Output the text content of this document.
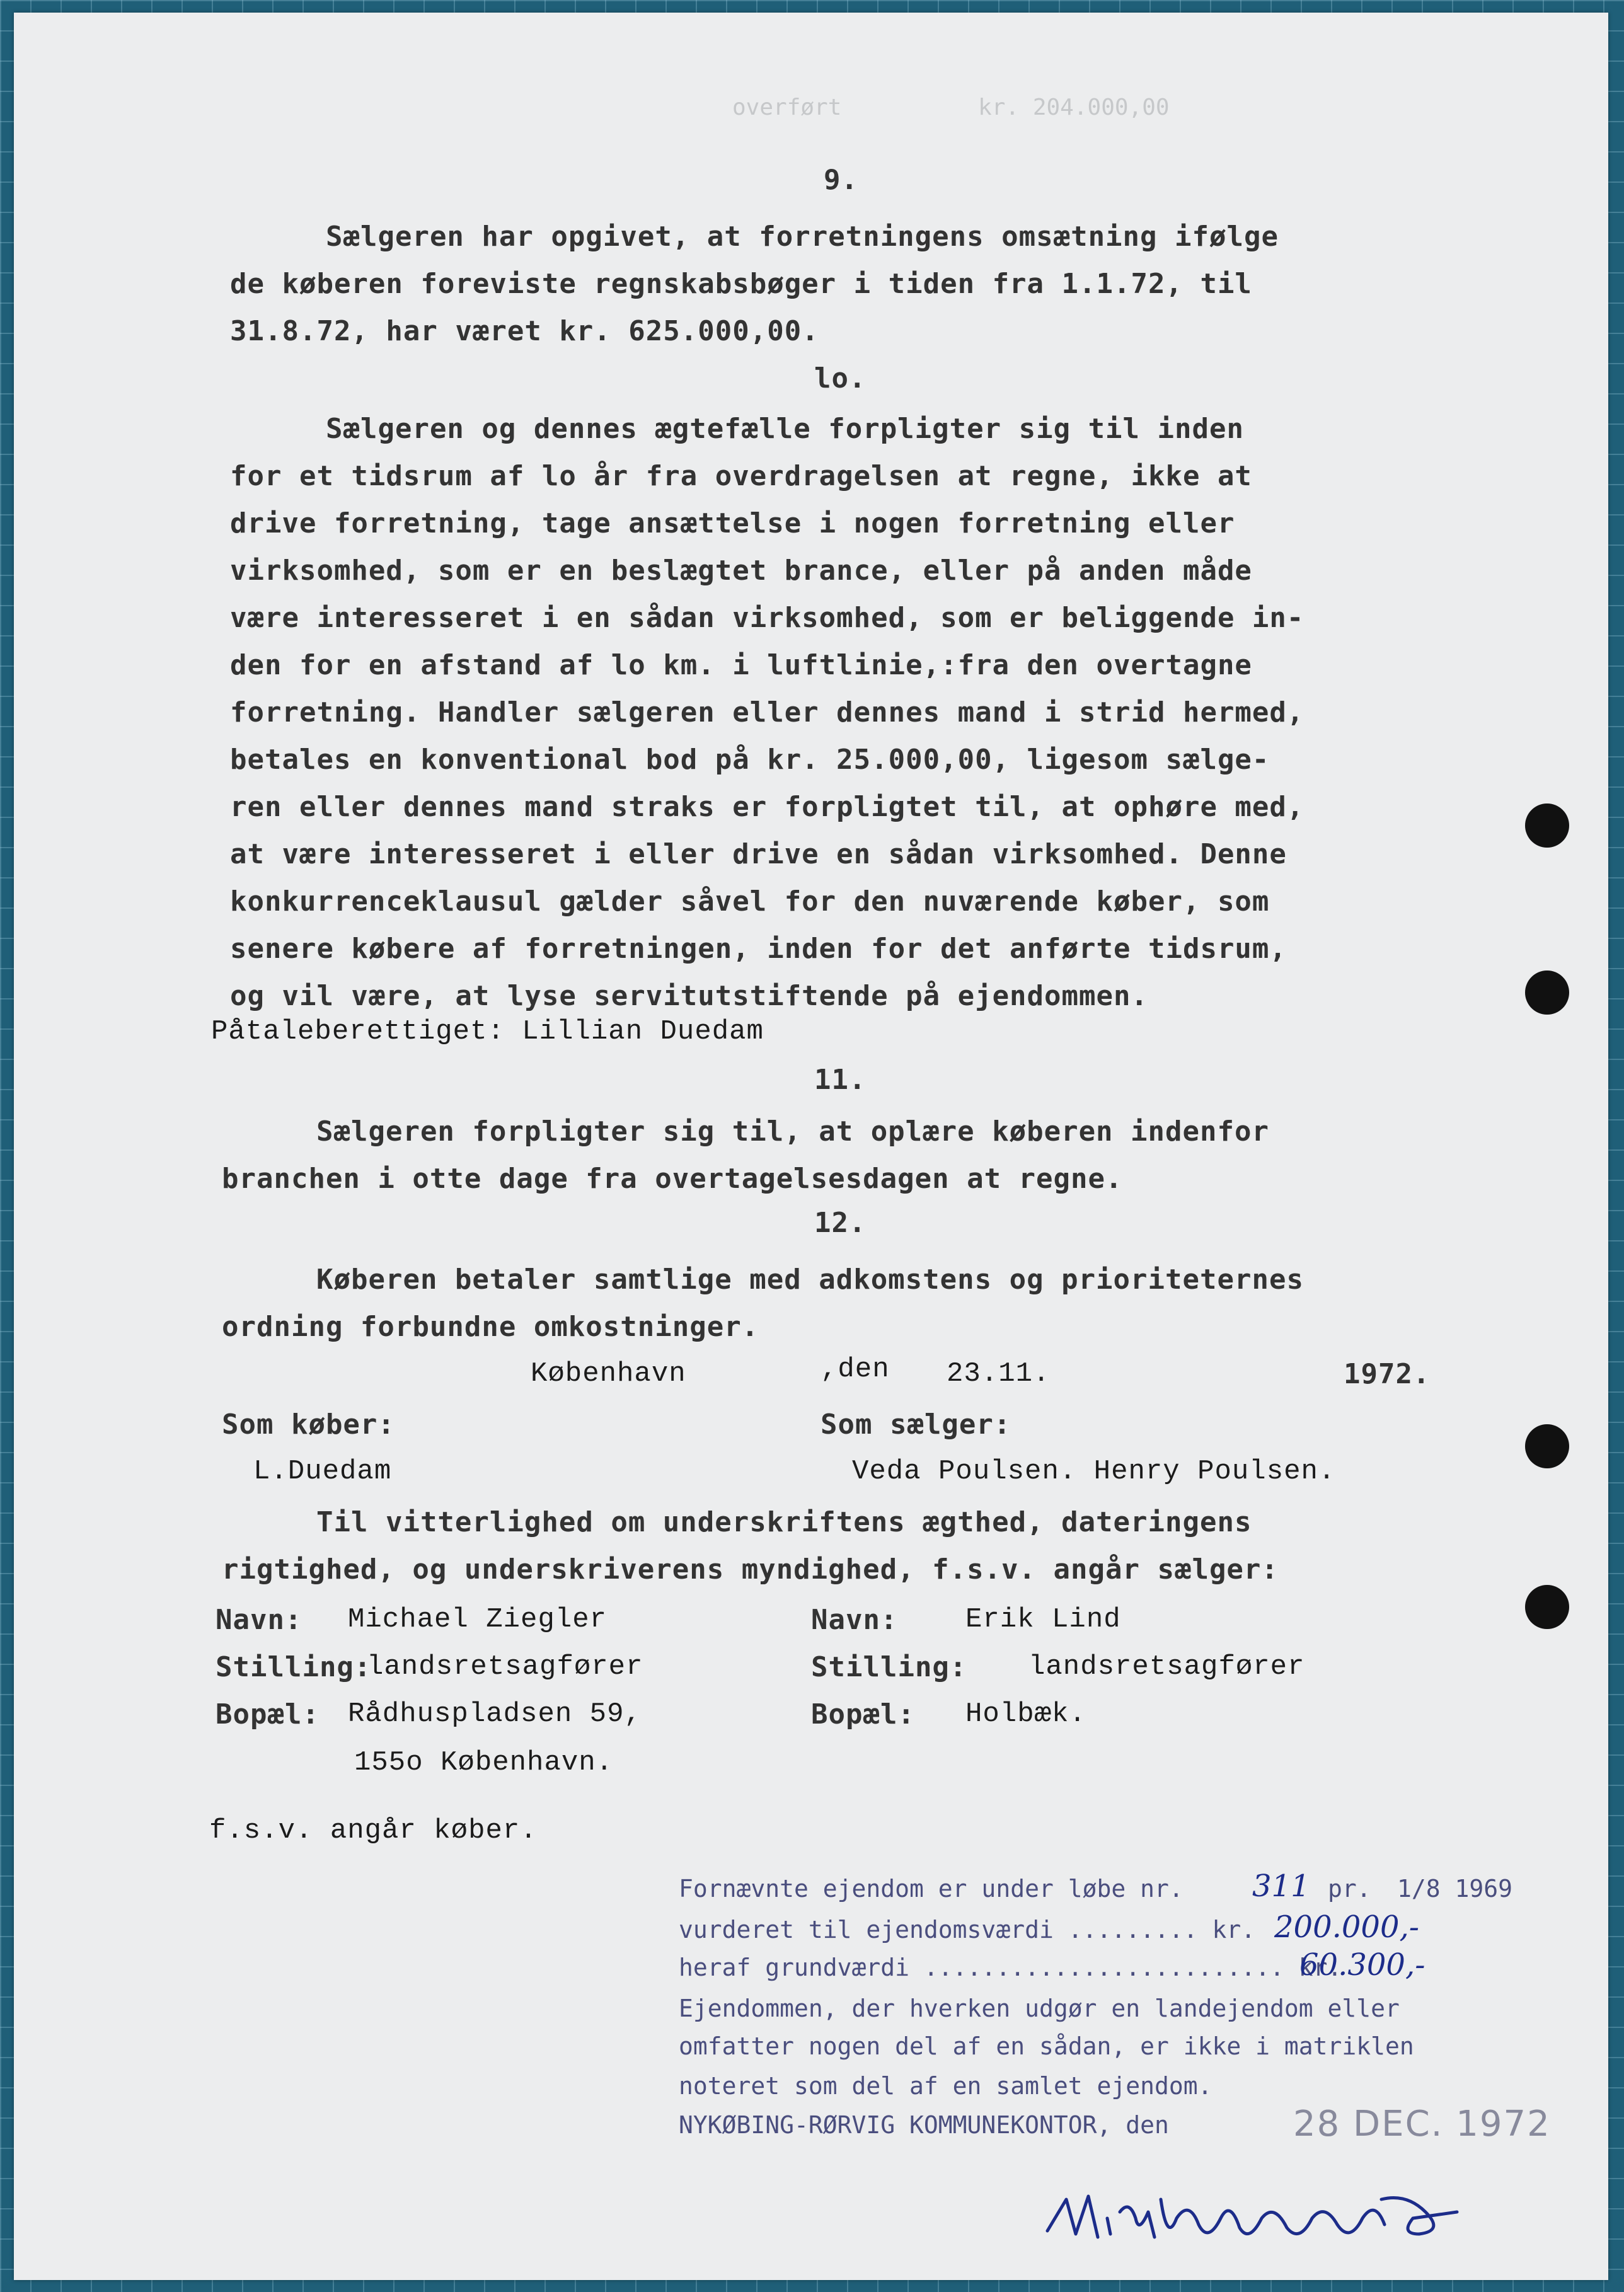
overført          kr. 204.000,00
9.
Sælgeren har opgivet, at forretningens omsætning ifølge
de køberen foreviste regnskabsbøger i tiden fra 1.1.72, til
31.8.72, har været kr. 625.000,00.
lo.
Sælgeren og dennes ægtefælle forpligter sig til inden
for et tidsrum af lo år fra overdragelsen at regne, ikke at
drive forretning, tage ansættelse i nogen forretning eller
virksomhed, som er en beslægtet brance, eller på anden måde
være interesseret i en sådan virksomhed, som er beliggende in-
den for en afstand af lo km. i luftlinie,:fra den overtagne
forretning. Handler sælgeren eller dennes mand i strid hermed,
betales en konventional bod på kr. 25.000,00, ligesom sælge-
ren eller dennes mand straks er forpligtet til, at ophøre med,
at være interesseret i eller drive en sådan virksomhed. Denne
konkurrenceklausul gælder såvel for den nuværende køber, som
senere købere af forretningen, inden for det anførte tidsrum,
og vil være, at lyse servitutstiftende på ejendommen.
Påtaleberettiget: Lillian Duedam
11.
Sælgeren forpligter sig til, at oplære køberen indenfor
branchen i otte dage fra overtagelsesdagen at regne.
12.
Køberen betaler samtlige med adkomstens og prioriteternes
ordning forbundne omkostninger.
København	,den 23.11.	1972.
Som køber:	Som sælger:
L.Duedam	Veda Poulsen. Henry Poulsen.
Til vitterlighed om underskriftens ægthed, dateringens
rigtighed, og underskriverens myndighed, f.s.v. angår sælger:
Navn: Michael Ziegler
Stilling:
landsretsagfører
Bopæl: Rådhuspladsen 59,
155o København.
Navn: Erik Lind
Stilling: landsretsagfører
Bopæl: Holbæk.
f.s.v. angår køber.
Fornævnte ejendom er under løbe nr. 311 pr. 1/8 1969
vurderet til ejendomsværdi ......... kr. 200.000,-
heraf grundværdi ......................... kr.
60.300,-
Ejendommen, der hverken udgør en landejendom eller
omfatter nogen del af en sådan, er ikke i matriklen
noteret som del af en samlet ejendom.
NYKØBING-RØRVIG KOMMUNEKONTOR, den	28 DEC. 1972
